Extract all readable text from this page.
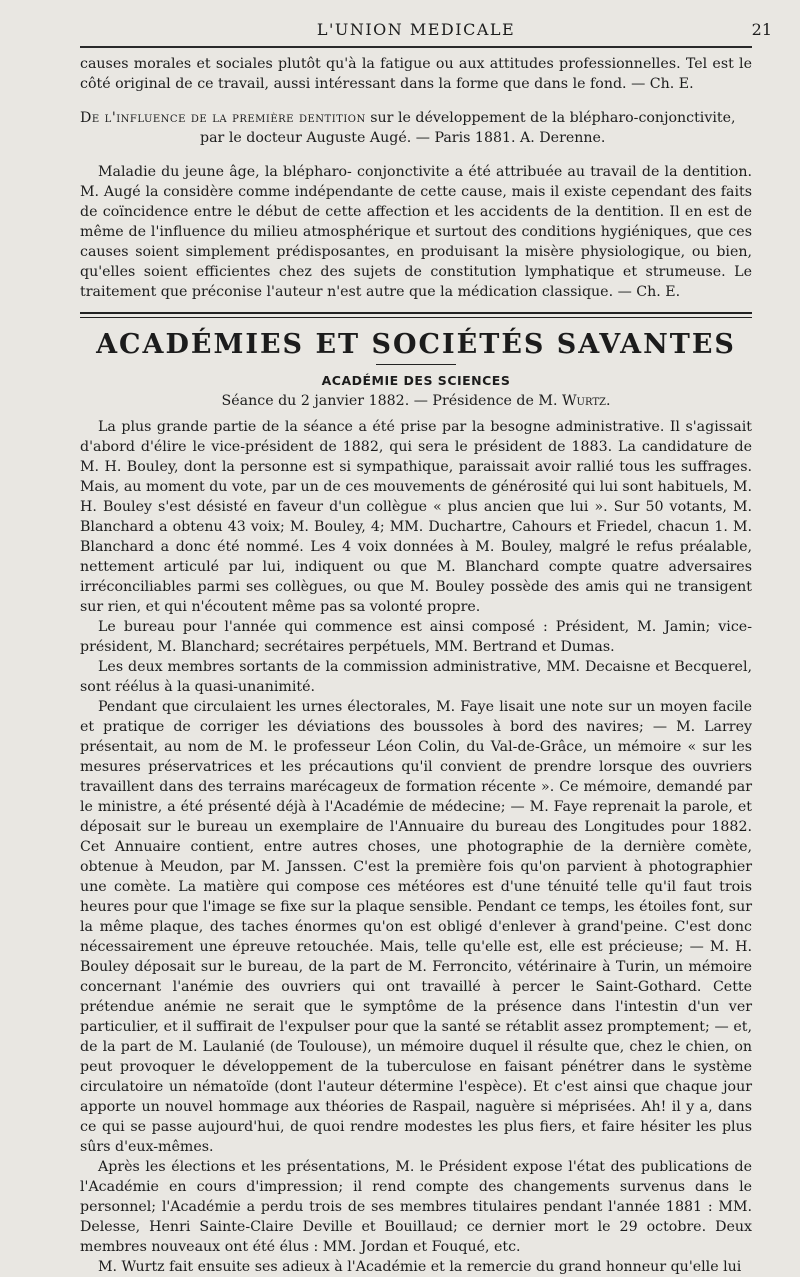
L'UNION MEDICALE	21

causes morales et sociales plutôt qu'à la fatigue ou aux attitudes professionnelles. Tel est le côté original de ce travail, aussi intéressant dans la forme que dans le fond. — Ch. E.

De l'influence de la première dentition sur le développement de la blépharo-conjonctivite,
par le docteur Auguste Augé. — Paris 1881. A. Derenne.

Maladie du jeune âge, la blépharo- conjonctivite a été attribuée au travail de la dentition. M. Augé la considère comme indépendante de cette cause, mais il existe cependant des faits de coïncidence entre le début de cette affection et les accidents de la dentition. Il en est de même de l'influence du milieu atmosphérique et surtout des conditions hygiéniques, que ces causes soient simplement prédisposantes, en produisant la misère physiologique, ou bien, qu'elles soient efficientes chez des sujets de constitution lymphatique et strumeuse. Le traitement que préconise l'auteur n'est autre que la médication classique. — Ch. E.

ACADÉMIES ET SOCIÉTÉS SAVANTES
ACADÉMIE DES SCIENCES
Séance du 2 janvier 1882. — Présidence de M. Wurtz.

La plus grande partie de la séance a été prise par la besogne administrative. Il s'agissait d'abord d'élire le vice-président de 1882, qui sera le président de 1883. La candidature de M. H. Bouley, dont la personne est si sympathique, paraissait avoir rallié tous les suffrages. Mais, au moment du vote, par un de ces mouvements de générosité qui lui sont habituels, M. H. Bouley s'est désisté en faveur d'un collègue « plus ancien que lui ». Sur 50 votants, M. Blanchard a obtenu 43 voix; M. Bouley, 4; MM. Duchartre, Cahours et Friedel, chacun 1. M. Blanchard a donc été nommé. Les 4 voix données à M. Bouley, malgré le refus préalable, nettement articulé par lui, indiquent ou que M. Blanchard compte quatre adversaires irréconciliables parmi ses collègues, ou que M. Bouley possède des amis qui ne transigent sur rien, et qui n'écoutent même pas sa volonté propre.

Le bureau pour l'année qui commence est ainsi composé : Président, M. Jamin; vice-président, M. Blanchard; secrétaires perpétuels, MM. Bertrand et Dumas.

Les deux membres sortants de la commission administrative, MM. Decaisne et Becquerel, sont réélus à la quasi-unanimité.

Pendant que circulaient les urnes électorales, M. Faye lisait une note sur un moyen facile et pratique de corriger les déviations des boussoles à bord des navires; — M. Larrey présentait, au nom de M. le professeur Léon Colin, du Val-de-Grâce, un mémoire « sur les mesures préservatrices et les précautions qu'il convient de prendre lorsque des ouvriers travaillent dans des terrains marécageux de formation récente ». Ce mémoire, demandé par le ministre, a été présenté déjà à l'Académie de médecine; — M. Faye reprenait la parole, et déposait sur le bureau un exemplaire de l'Annuaire du bureau des Longitudes pour 1882. Cet Annuaire contient, entre autres choses, une photographie de la dernière comète, obtenue à Meudon, par M. Janssen. C'est la première fois qu'on parvient à photographier une comète. La matière qui compose ces météores est d'une ténuité telle qu'il faut trois heures pour que l'image se fixe sur la plaque sensible. Pendant ce temps, les étoiles font, sur la même plaque, des taches énormes qu'on est obligé d'enlever à grand'peine. C'est donc nécessairement une épreuve retouchée. Mais, telle qu'elle est, elle est précieuse; — M. H. Bouley déposait sur le bureau, de la part de M. Ferroncito, vétérinaire à Turin, un mémoire concernant l'anémie des ouvriers qui ont travaillé à percer le Saint-Gothard. Cette prétendue anémie ne serait que le symptôme de la présence dans l'intestin d'un ver particulier, et il suffirait de l'expulser pour que la santé se rétablit assez promptement; — et, de la part de M. Laulanié (de Toulouse), un mémoire duquel il résulte que, chez le chien, on peut provoquer le développement de la tuberculose en faisant pénétrer dans le système circulatoire un nématoïde (dont l'auteur détermine l'espèce). Et c'est ainsi que chaque jour apporte un nouvel hommage aux théories de Raspail, naguère si méprisées. Ah! il y a, dans ce qui se passe aujourd'hui, de quoi rendre modestes les plus fiers, et faire hésiter les plus sûrs d'eux-mêmes.

Après les élections et les présentations, M. le Président expose l'état des publications de l'Académie en cours d'impression; il rend compte des changements survenus dans le personnel; l'Académie a perdu trois de ses membres titulaires pendant l'année 1881 : MM. Delesse, Henri Sainte-Claire Deville et Bouillaud; ce dernier mort le 29 octobre. Deux membres nouveaux ont été élus : MM. Jordan et Fouqué, etc.

M. Wurtz fait ensuite ses adieux à l'Académie et la remercie du grand honneur qu'elle lui
